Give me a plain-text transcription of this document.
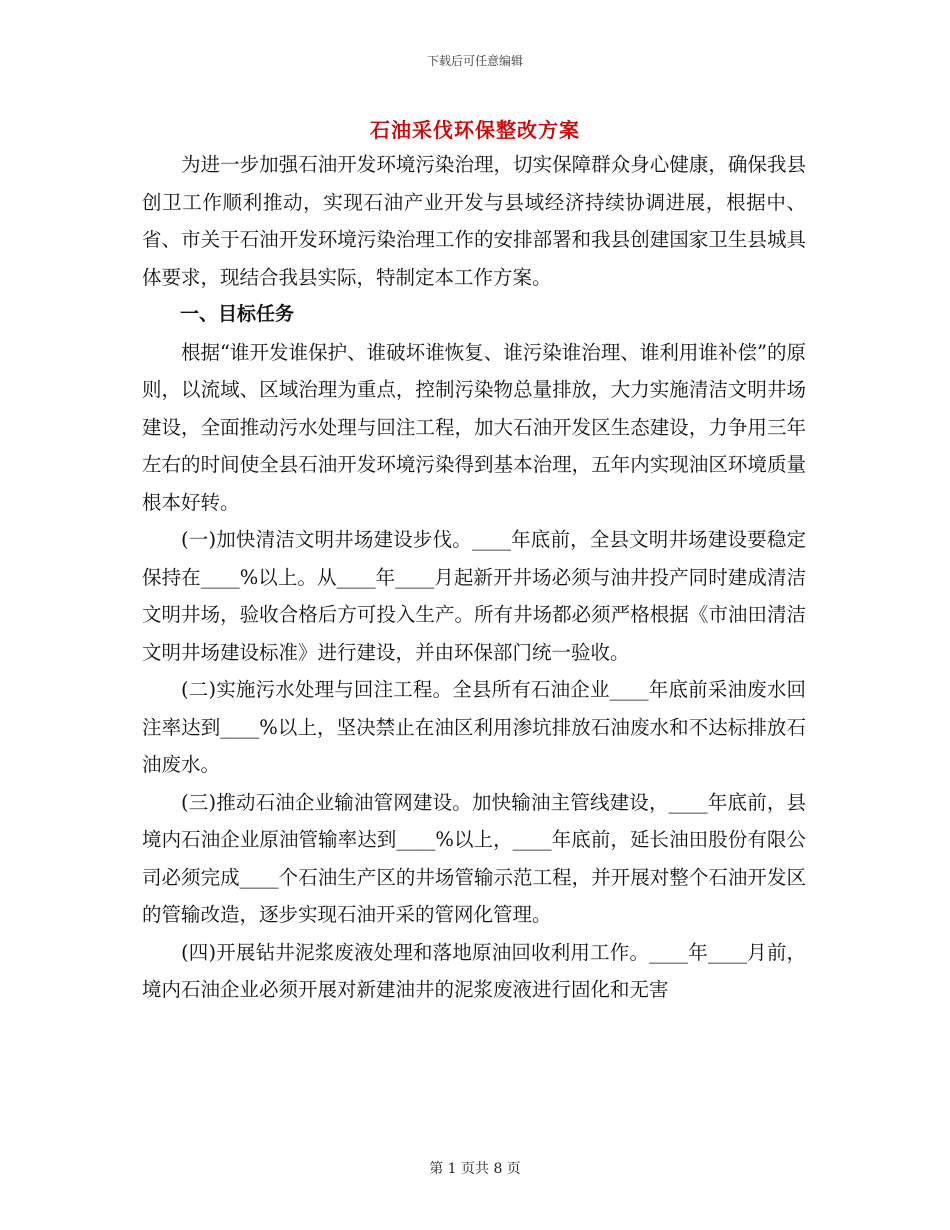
下载后可任意编辑
石油采伐环保整改方案

为进一步加强石油开发环境污染治理，切实保障群众身心健康，确保我县创卫工作顺利推动，实现石油产业开发与县域经济持续协调进展，根据中、省、市关于石油开发环境污染治理工作的安排部署和我县创建国家卫生县城具体要求，现结合我县实际，特制定本工作方案。

一、目标任务

根据“谁开发谁保护、谁破坏谁恢复、谁污染谁治理、谁利用谁补偿”的原则，以流域、区域治理为重点，控制污染物总量排放，大力实施清洁文明井场建设，全面推动污水处理与回注工程，加大石油开发区生态建设，力争用三年左右的时间使全县石油开发环境污染得到基本治理，五年内实现油区环境质量根本好转。

(一)加快清洁文明井场建设步伐。____年底前，全县文明井场建设要稳定保持在____%以上。从____年____月起新开井场必须与油井投产同时建成清洁文明井场，验收合格后方可投入生产。所有井场都必须严格根据《市油田清洁文明井场建设标准》进行建设，并由环保部门统一验收。

(二)实施污水处理与回注工程。全县所有石油企业____年底前采油废水回注率达到____%以上，坚决禁止在油区利用渗坑排放石油废水和不达标排放石油废水。

(三)推动石油企业输油管网建设。加快输油主管线建设，____年底前，县境内石油企业原油管输率达到____%以上，____年底前，延长油田股份有限公司必须完成____个石油生产区的井场管输示范工程，并开展对整个石油开发区的管输改造，逐步实现石油开采的管网化管理。

(四)开展钻井泥浆废液处理和落地原油回收利用工作。____年____月前，境内石油企业必须开展对新建油井的泥浆废液进行固化和无害

第 1 页共 8 页
